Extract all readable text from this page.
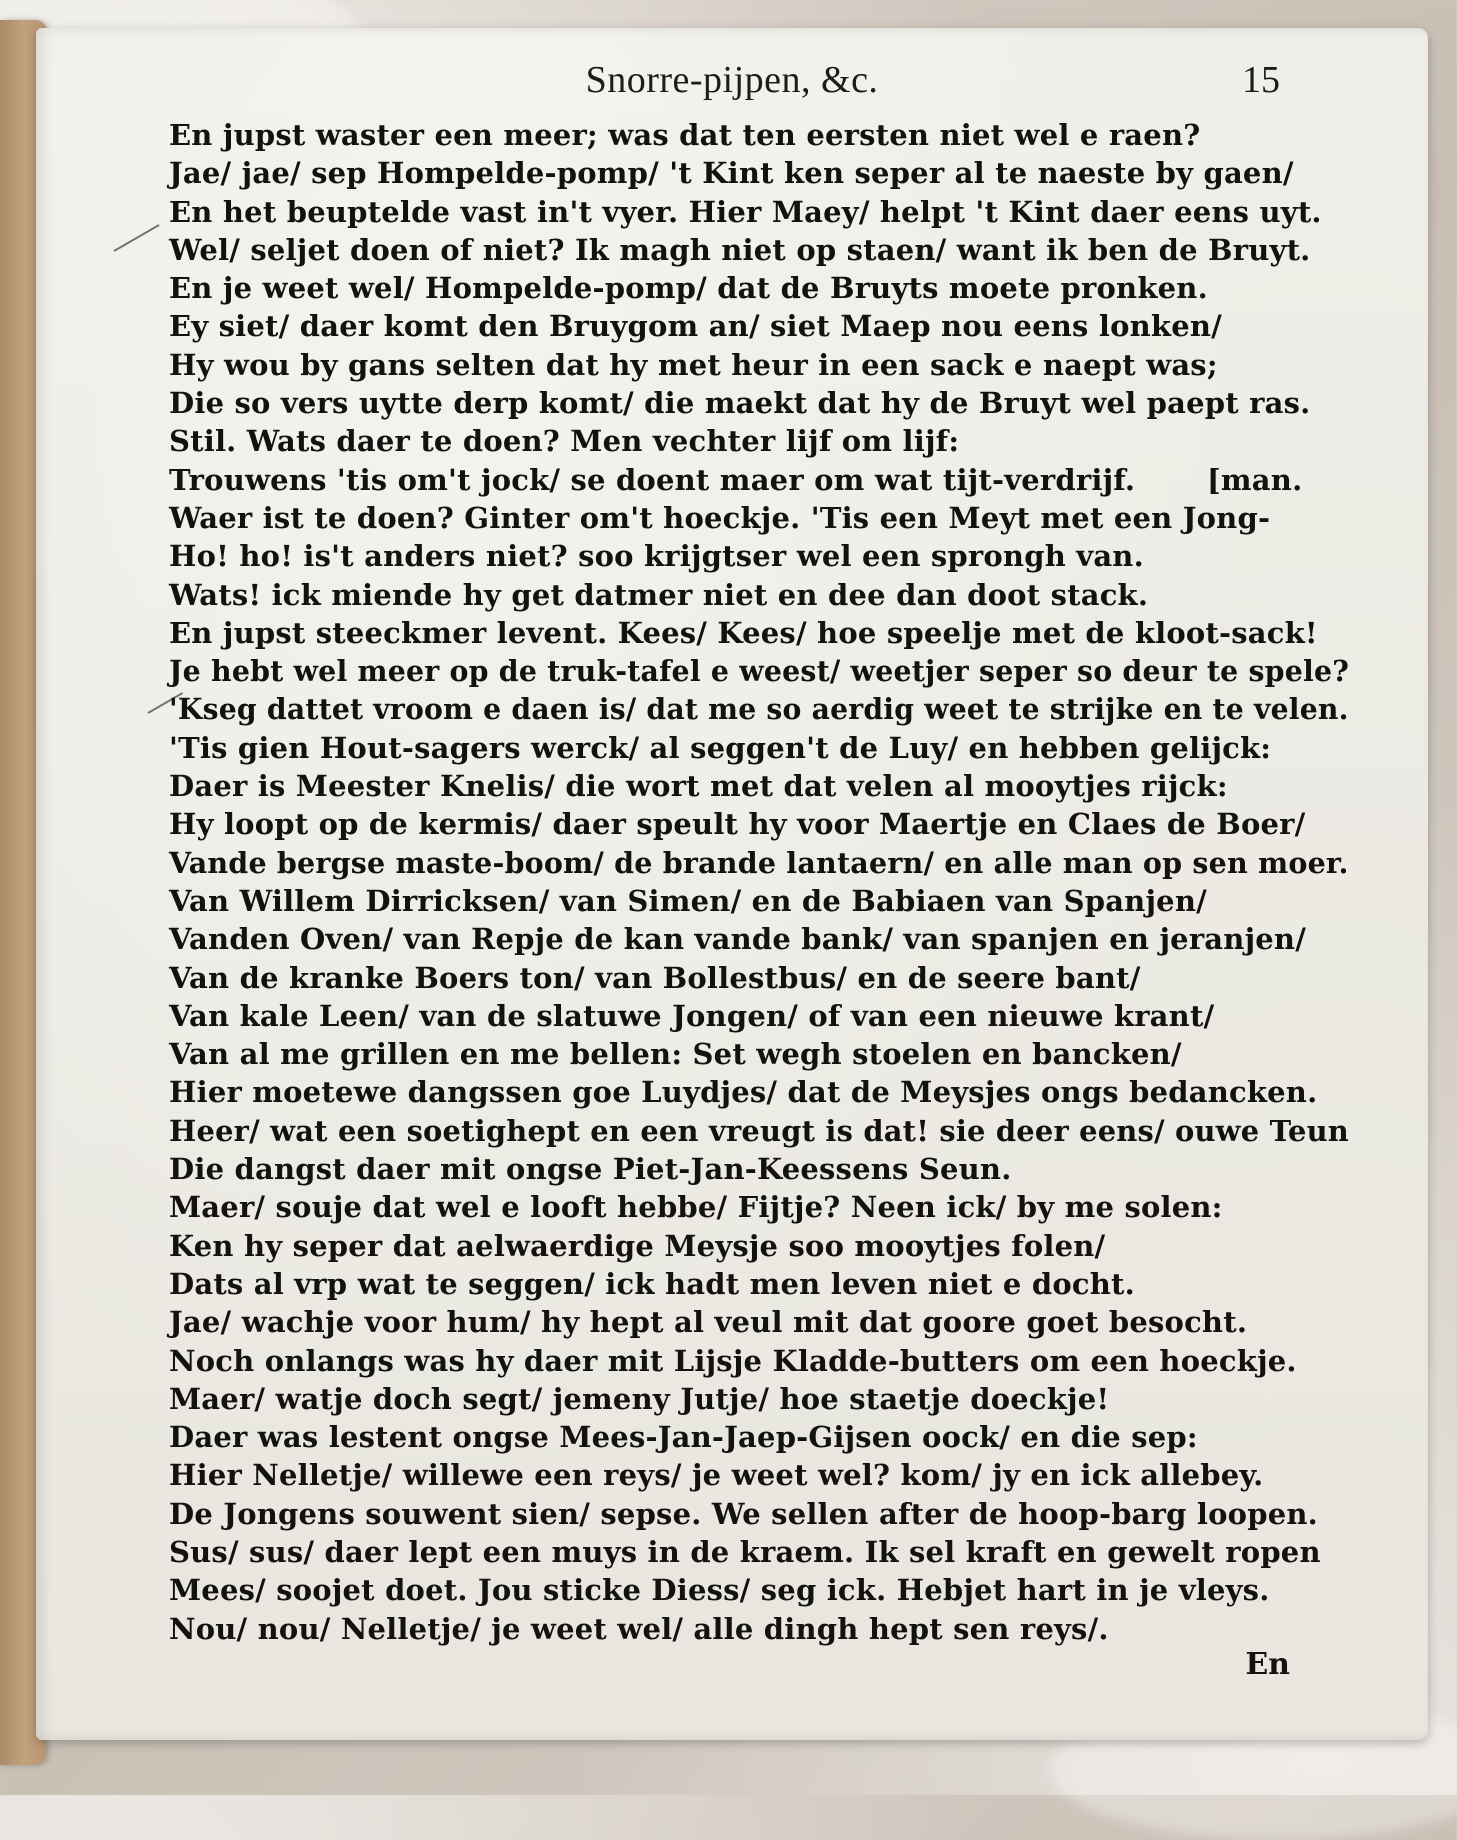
Snorre-pijpen, &c.	15
En jupst waster een meer; was dat ten eersten niet wel e raen?
Jae/ jae/ sep Hompelde-pomp/ 't Kint ken seper al te naeste by gaen/
En het beuptelde vast in't vyer. Hier Maey/ helpt 't Kint daer eens uyt.
Wel/ seljet doen of niet? Ik magh niet op staen/ want ik ben de Bruyt.
En je weet wel/ Hompelde-pomp/ dat de Bruyts moete pronken.
Ey siet/ daer komt den Bruygom an/ siet Maep nou eens lonken/
Hy wou by gans selten dat hy met heur in een sack e naept was;
Die so vers uytte derp komt/ die maekt dat hy de Bruyt wel paept ras.
Stil. Wats daer te doen? Men vechter lijf om lijf:
Trouwens 'tis om't jock/ se doent maer om wat tijt-verdrijf. [man.
Waer ist te doen? Ginter om't hoeckje. 'Tis een Meyt met een Jong-
Ho! ho! is't anders niet? soo krijgtser wel een sprongh van.
Wats! ick miende hy get datmer niet en dee dan doot stack.
En jupst steeckmer levent. Kees/ Kees/ hoe speelje met de kloot-sack!
Je hebt wel meer op de truk-tafel e weest/ weetjer seper so deur te spele?
'Kseg dattet vroom e daen is/ dat me so aerdig weet te strijke en te velen.
'Tis gien Hout-sagers werck/ al seggen't de Luy/ en hebben gelijck:
Daer is Meester Knelis/ die wort met dat velen al mooytjes rijck:
Hy loopt op de kermis/ daer speult hy voor Maertje en Claes de Boer/
Vande bergse maste-boom/ de brande lantaern/ en alle man op sen moer.
Van Willem Dirricksen/ van Simen/ en de Babiaen van Spanjen/
Vanden Oven/ van Repje de kan vande bank/ van spanjen en jeranjen/
Van de kranke Boers ton/ van Bollestbus/ en de seere bant/
Van kale Leen/ van de slatuwe Jongen/ of van een nieuwe krant/
Van al me grillen en me bellen: Set wegh stoelen en bancken/
Hier moetewe dangssen goe Luydjes/ dat de Meysjes ongs bedancken.
Heer/ wat een soetighept en een vreugt is dat! sie deer eens/ ouwe Teun
Die dangst daer mit ongse Piet-Jan-Keessens Seun.
Maer/ souje dat wel e looft hebbe/ Fijtje? Neen ick/ by me solen:
Ken hy seper dat aelwaerdige Meysje soo mooytjes folen/
Dats al vrp wat te seggen/ ick hadt men leven niet e docht.
Jae/ wachje voor hum/ hy hept al veul mit dat goore goet besocht.
Noch onlangs was hy daer mit Lijsje Kladde-butters om een hoeckje.
Maer/ watje doch segt/ jemeny Jutje/ hoe staetje doeckje!
Daer was lestent ongse Mees-Jan-Jaep-Gijsen oock/ en die sep:
Hier Nelletje/ willewe een reys/ je weet wel? kom/ jy en ick allebey.
De Jongens souwent sien/ sepse. We sellen after de hoop-barg loopen.
Sus/ sus/ daer lept een muys in de kraem. Ik sel kraft en gewelt ropen
Mees/ soojet doet. Jou sticke Diess/ seg ick. Hebjet hart in je vleys.
Nou/ nou/ Nelletje/ je weet wel/ alle dingh hept sen reys/.
En
